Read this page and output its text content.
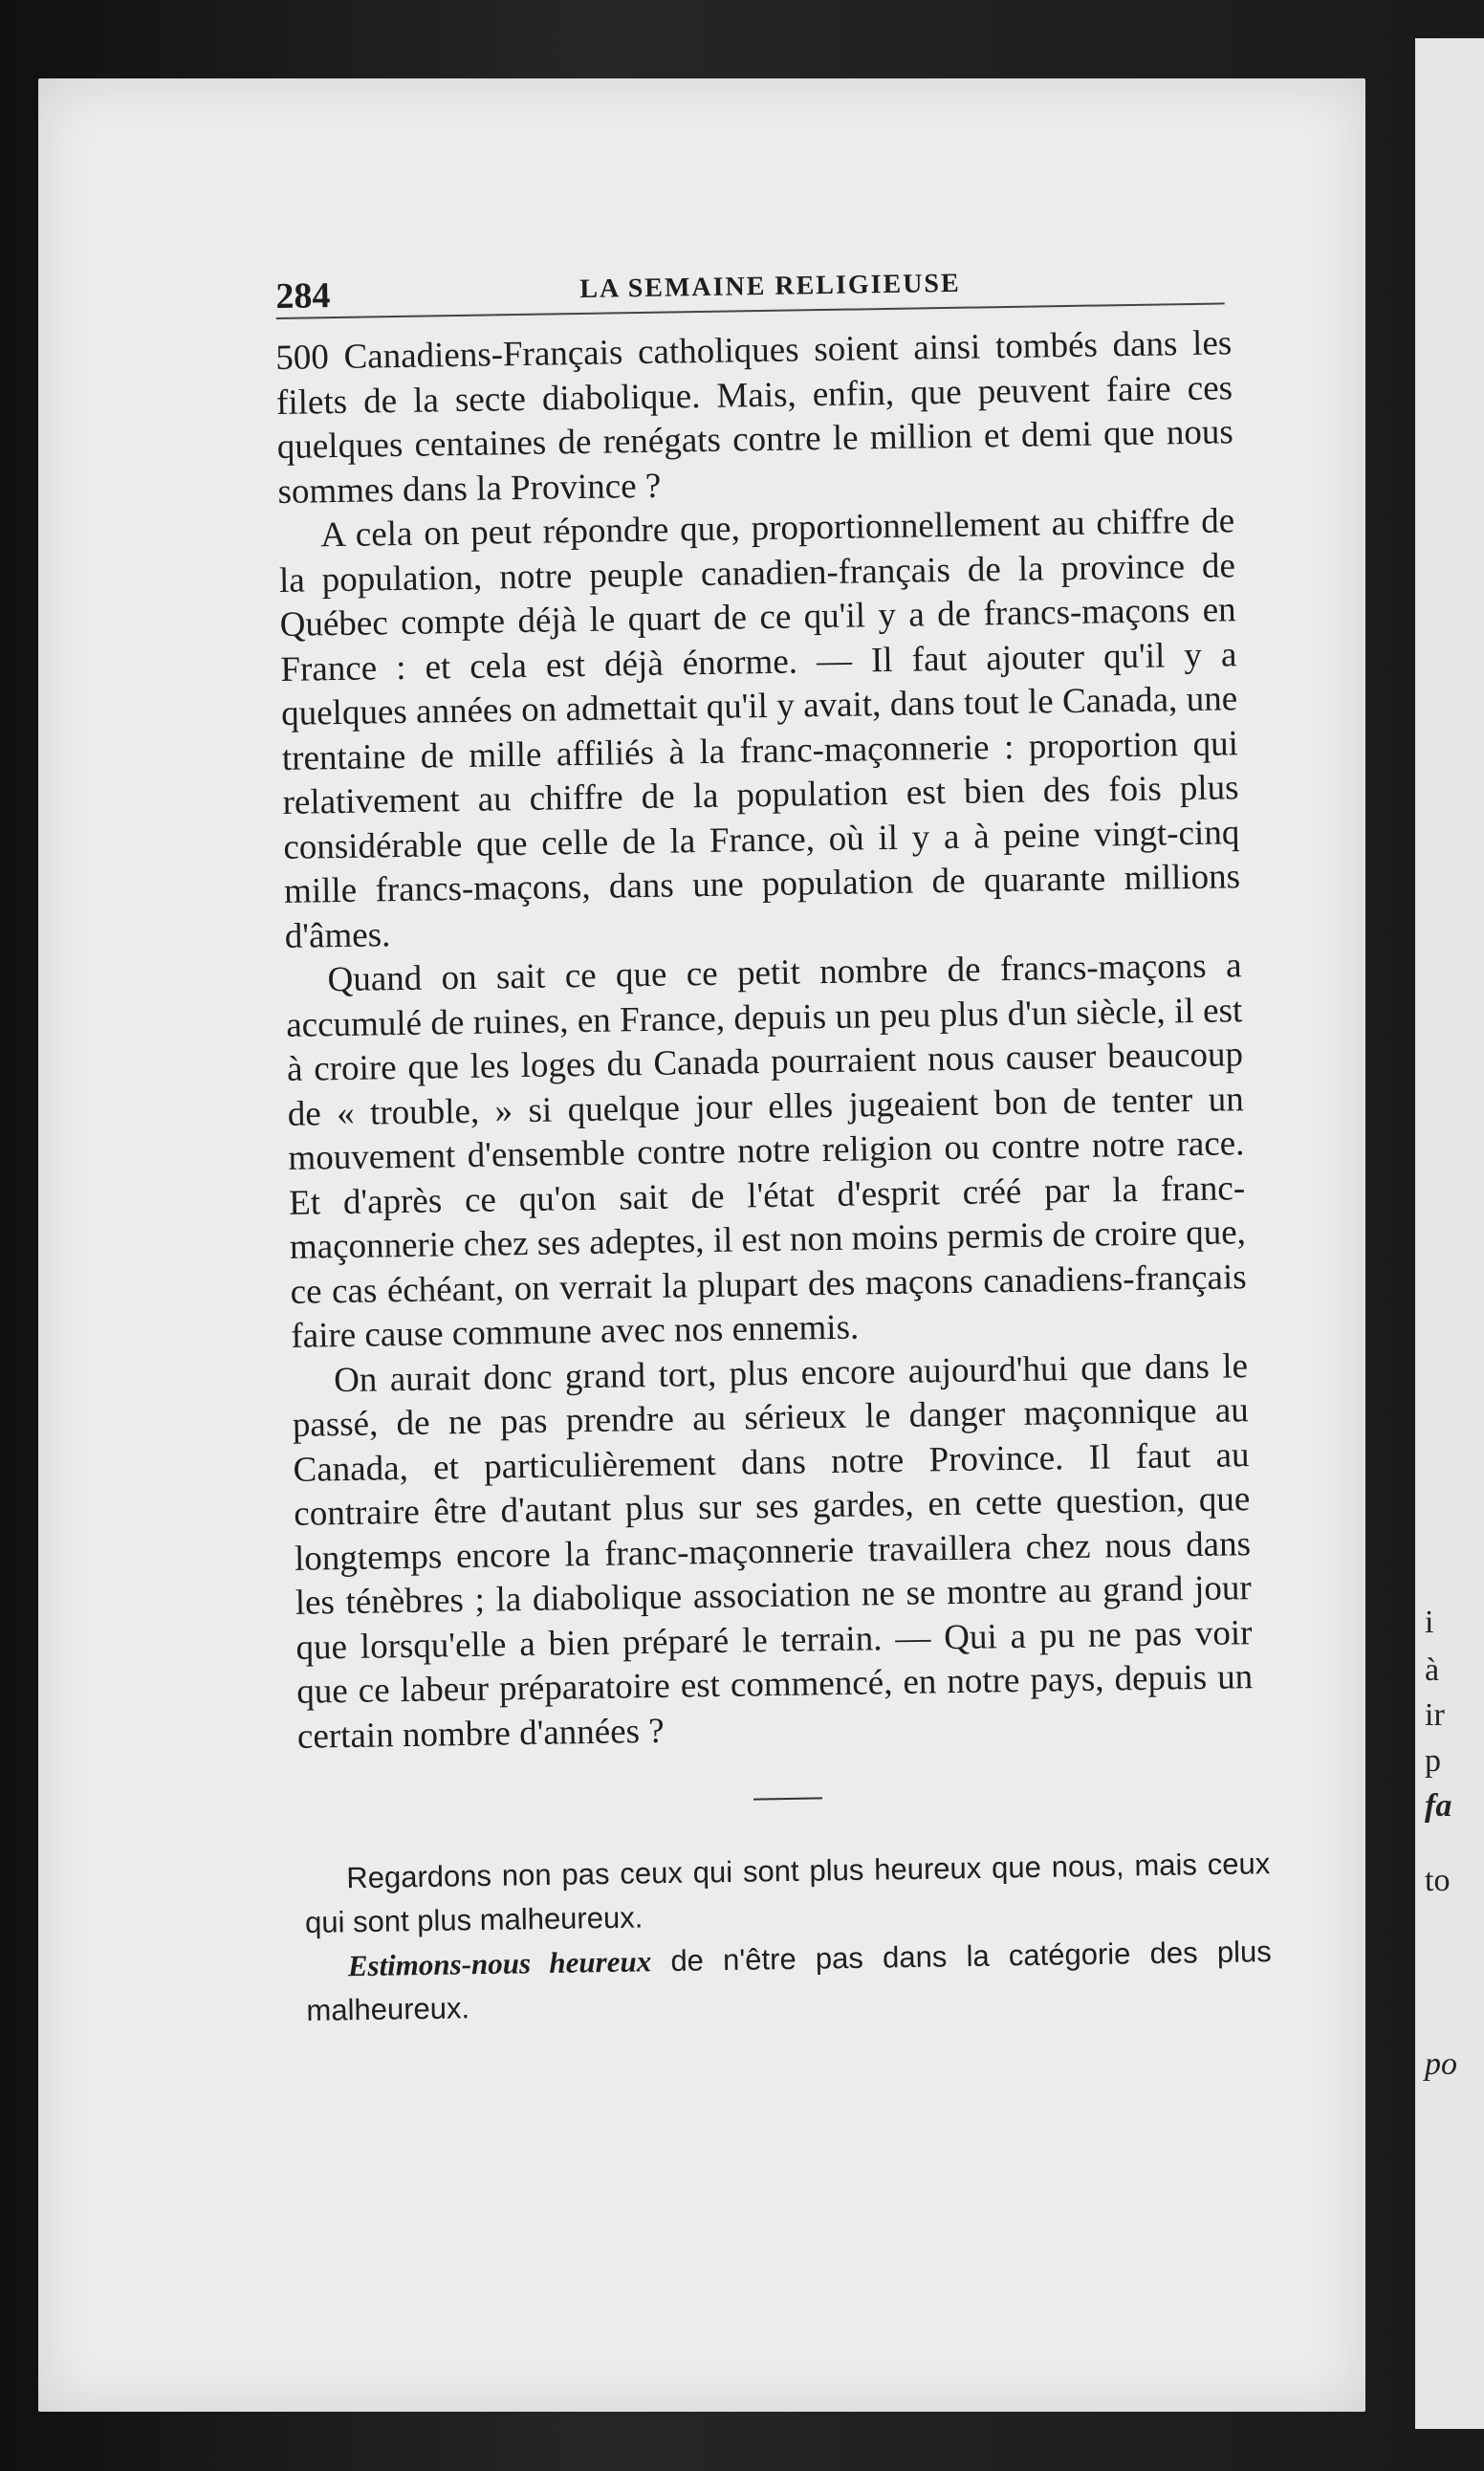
i
à
ir
p
fa
to
po
284	LA SEMAINE RELIGIEUSE

500 Canadiens-Français catholiques soient ainsi tombés dans les filets de la secte diabolique. Mais, enfin, que peuvent faire ces quelques centaines de renégats contre le million et demi que nous sommes dans la Province ?

A cela on peut répondre que, proportionnellement au chiffre de la population, notre peuple canadien-français de la province de Québec compte déjà le quart de ce qu'il y a de francs-maçons en France : et cela est déjà énorme. — Il faut ajouter qu'il y a quelques années on admettait qu'il y avait, dans tout le Canada, une trentaine de mille affiliés à la franc-maçonnerie : proportion qui relativement au chiffre de la population est bien des fois plus considérable que celle de la France, où il y a à peine vingt-cinq mille francs-maçons, dans une population de quarante millions d'âmes.

Quand on sait ce que ce petit nombre de francs-maçons a accumulé de ruines, en France, depuis un peu plus d'un siècle, il est à croire que les loges du Canada pourraient nous causer beaucoup de « trouble, » si quelque jour elles jugeaient bon de tenter un mouvement d'ensemble contre notre religion ou contre notre race. Et d'après ce qu'on sait de l'état d'esprit créé par la franc-maçonnerie chez ses adeptes, il est non moins permis de croire que, ce cas échéant, on verrait la plupart des maçons canadiens-français faire cause commune avec nos ennemis.

On aurait donc grand tort, plus encore aujourd'hui que dans le passé, de ne pas prendre au sérieux le danger maçonnique au Canada, et particulièrement dans notre Province. Il faut au contraire être d'autant plus sur ses gardes, en cette question, que longtemps encore la franc-maçonnerie travaillera chez nous dans les ténèbres ; la diabolique association ne se montre au grand jour que lorsqu'elle a bien préparé le terrain. — Qui a pu ne pas voir que ce labeur préparatoire est commencé, en notre pays, depuis un certain nombre d'années ?

Regardons non pas ceux qui sont plus heureux que nous, mais ceux qui sont plus malheureux.

Estimons-nous heureux de n'être pas dans la catégorie des plus malheureux.
